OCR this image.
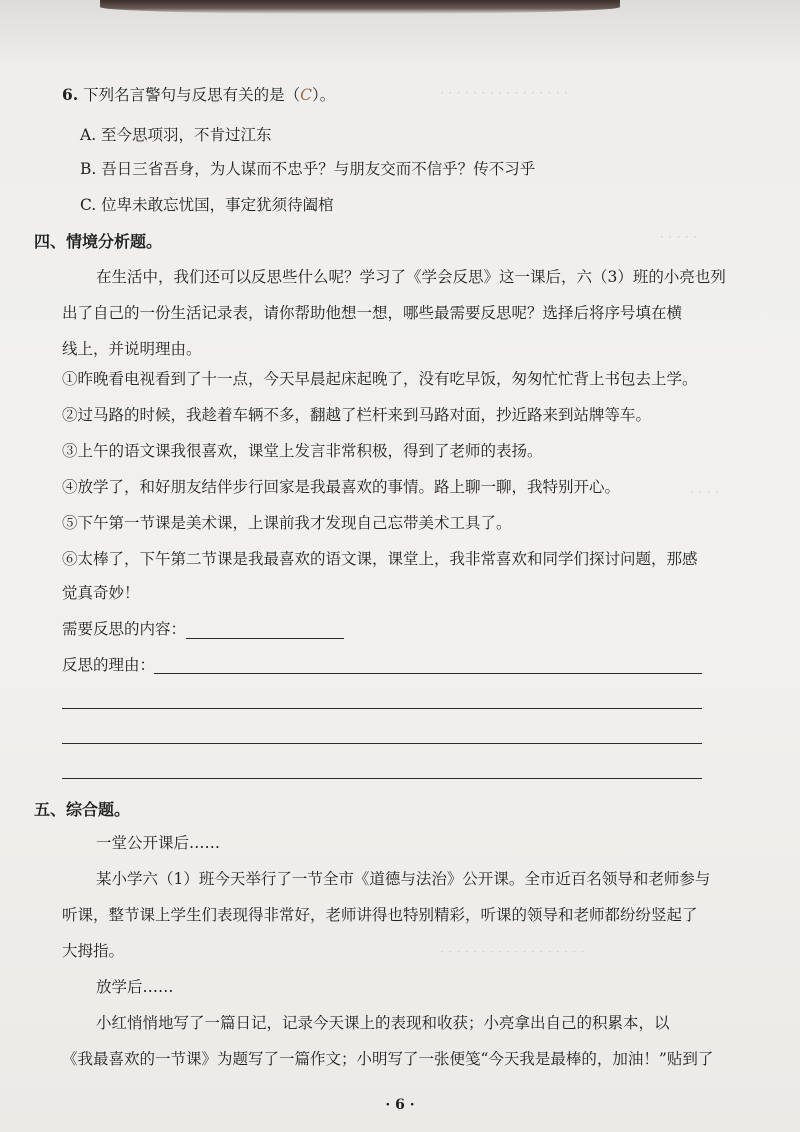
· · · · · · · · · · · · · · · ·
· · · · ·
· · · ·
· · · · · · · · · · · · · · · · · ·
6. 下列名言警句与反思有关的是（C）。
A. 至今思项羽，不肯过江东
B. 吾日三省吾身，为人谋而不忠乎？与朋友交而不信乎？传不习乎
C. 位卑未敢忘忧国，事定犹须待阖棺
四、情境分析题。
在生活中，我们还可以反思些什么呢？学习了《学会反思》这一课后，六（3）班的小亮也列
出了自己的一份生活记录表，请你帮助他想一想，哪些最需要反思呢？选择后将序号填在横
线上，并说明理由。
①昨晚看电视看到了十一点，今天早晨起床起晚了，没有吃早饭，匆匆忙忙背上书包去上学。
②过马路的时候，我趁着车辆不多，翻越了栏杆来到马路对面，抄近路来到站牌等车。
③上午的语文课我很喜欢，课堂上发言非常积极，得到了老师的表扬。
④放学了，和好朋友结伴步行回家是我最喜欢的事情。路上聊一聊，我特别开心。
⑤下午第一节课是美术课，上课前我才发现自己忘带美术工具了。
⑥太棒了，下午第二节课是我最喜欢的语文课，课堂上，我非常喜欢和同学们探讨问题，那感
觉真奇妙！
需要反思的内容：
反思的理由：
五、综合题。
一堂公开课后……
某小学六（1）班今天举行了一节全市《道德与法治》公开课。全市近百名领导和老师参与
听课，整节课上学生们表现得非常好，老师讲得也特别精彩，听课的领导和老师都纷纷竖起了
大拇指。
放学后……
小红悄悄地写了一篇日记，记录今天课上的表现和收获；小亮拿出自己的积累本，以
《我最喜欢的一节课》为题写了一篇作文；小明写了一张便笺“今天我是最棒的，加油！”贴到了
· 6 ·
